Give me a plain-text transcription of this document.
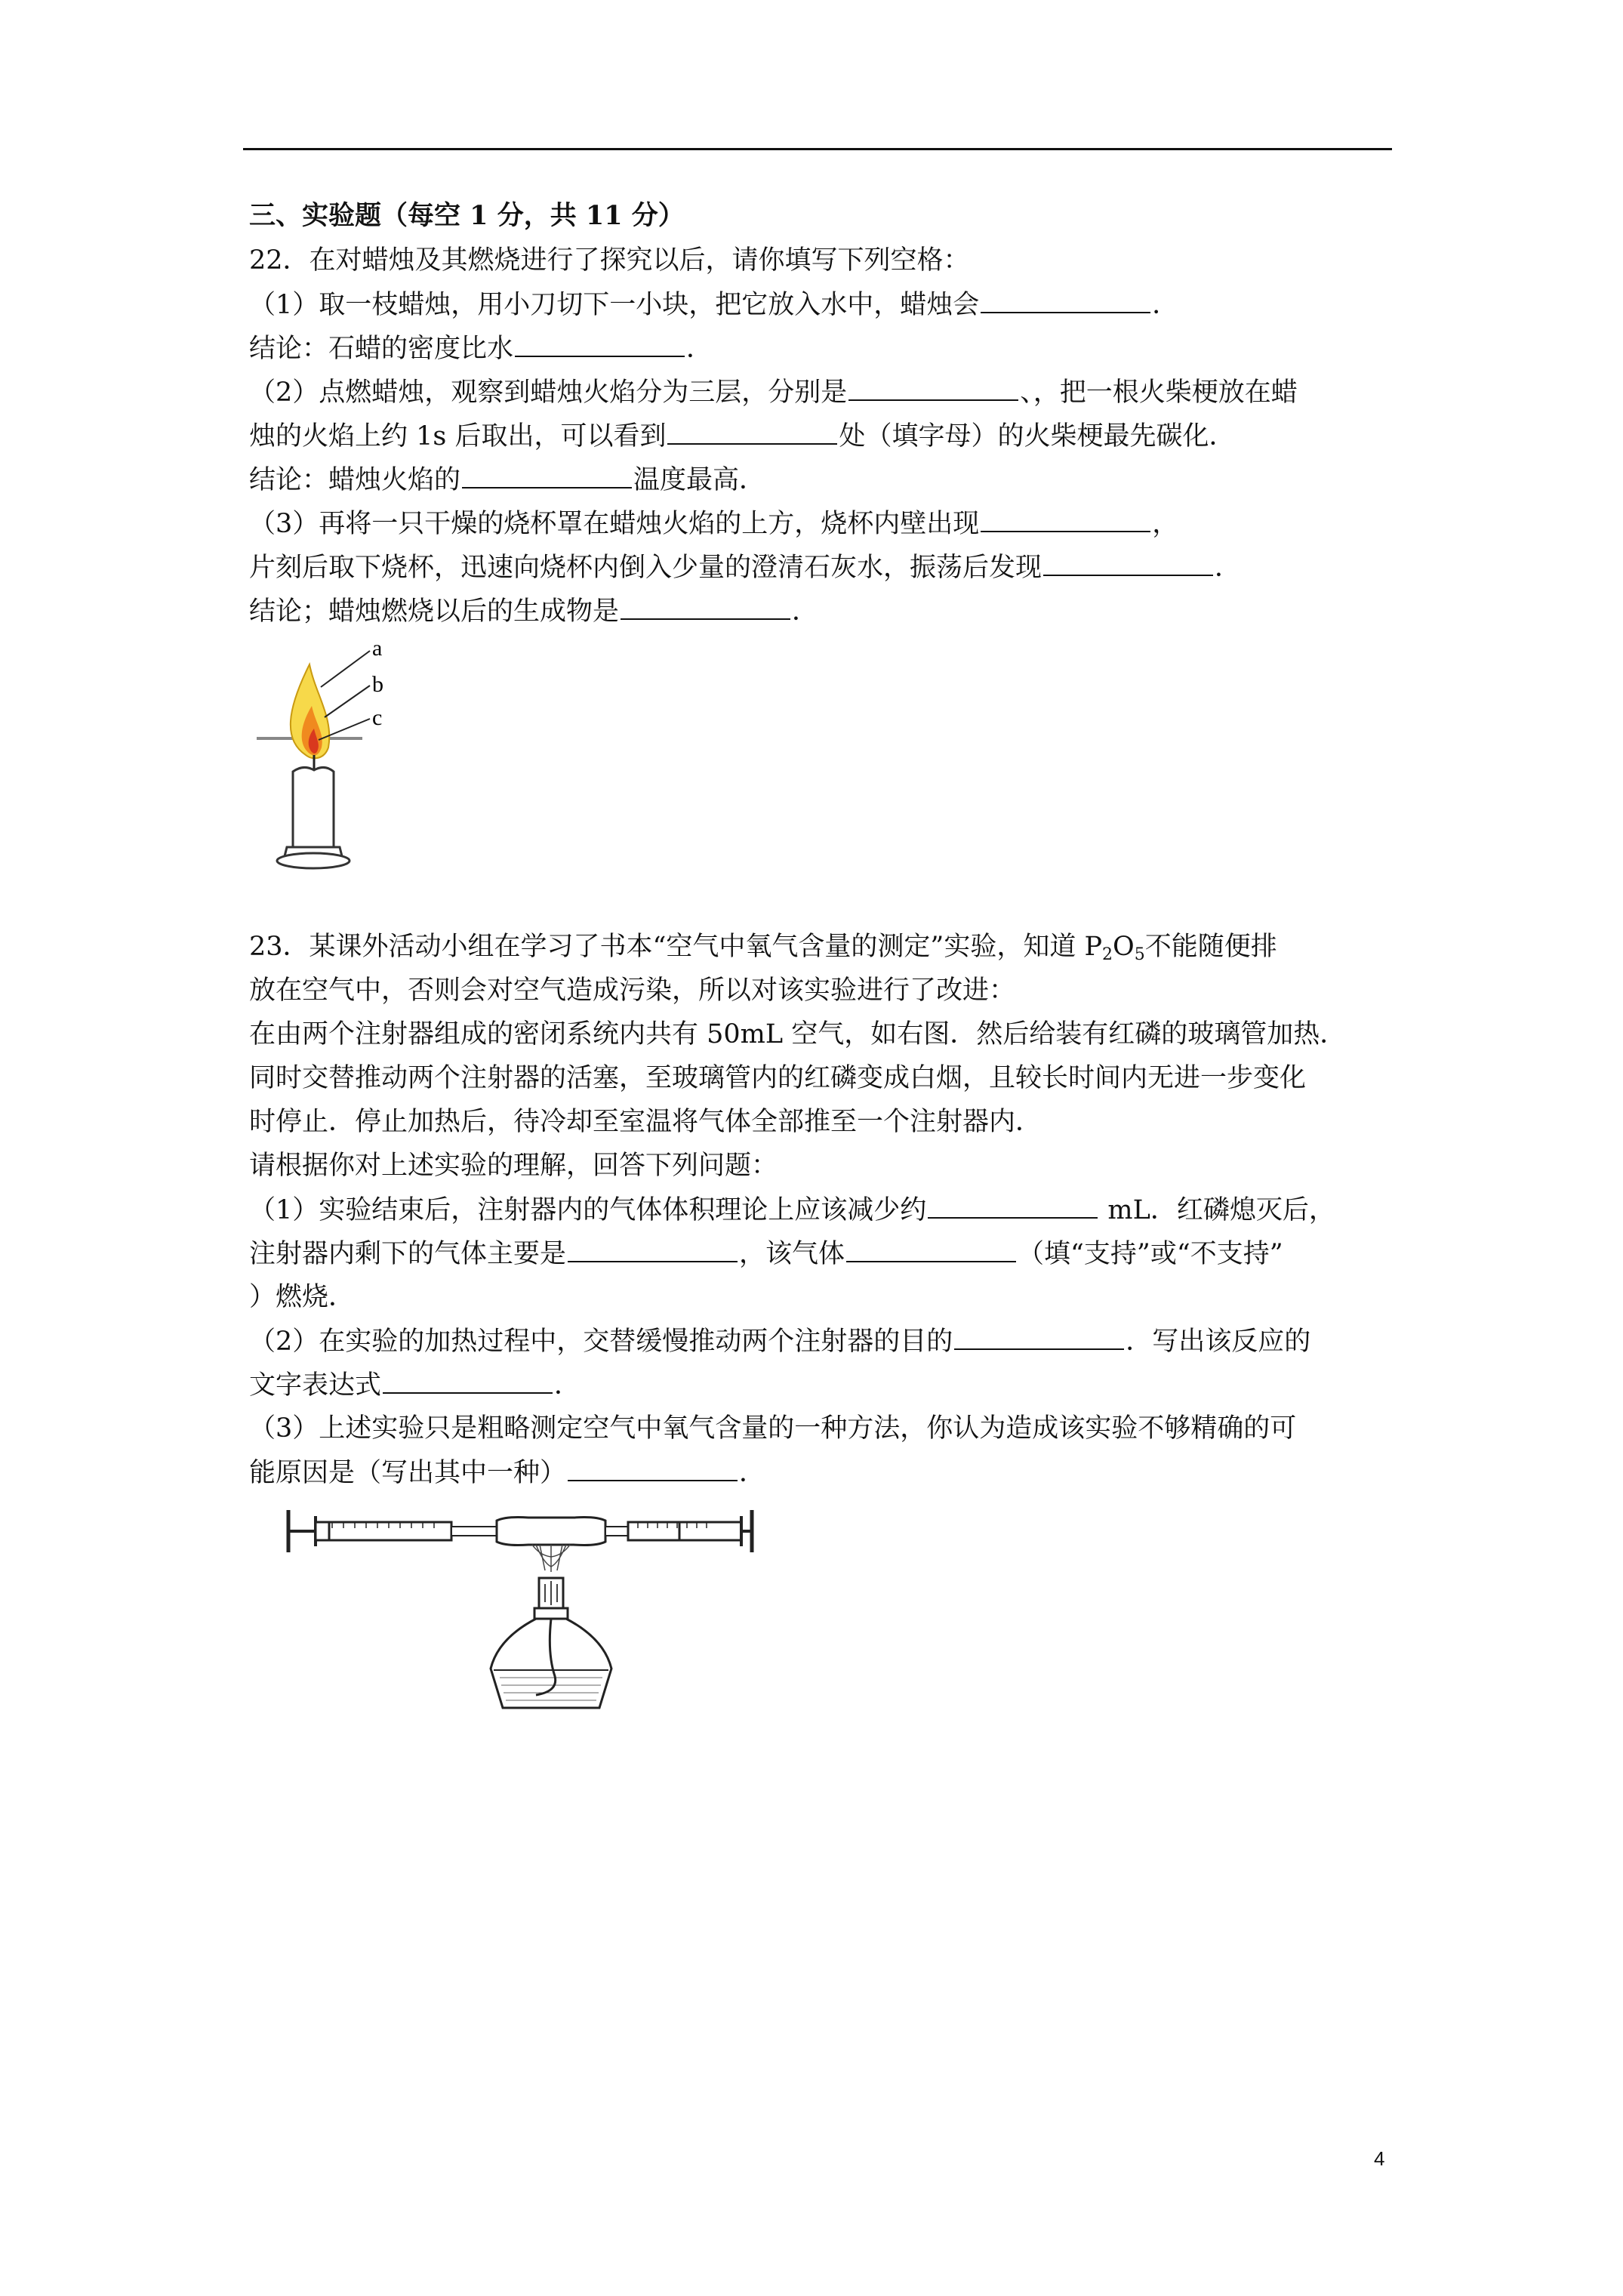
三、实验题（每空 1 分，共 11 分）
22．在对蜡烛及其燃烧进行了探究以后，请你填写下列空格：
（1）取一枝蜡烛，用小刀切下一小块，把它放入水中，蜡烛会	．
结论：石蜡的密度比水	．
（2）点燃蜡烛，观察到蜡烛火焰分为三层，分别是	、，把一根火柴梗放在蜡
烛的火焰上约 1s 后取出，可以看到	处（填字母）的火柴梗最先碳化．
结论：蜡烛火焰的	温度最高．
（3）再将一只干燥的烧杯罩在蜡烛火焰的上方，烧杯内壁出现	，
片刻后取下烧杯，迅速向烧杯内倒入少量的澄清石灰水，振荡后发现	．
结论；蜡烛燃烧以后的生成物是	．
a
b
c
23．某课外活动小组在学习了书本“空气中氧气含量的测定”实验，知道 $P_2O_5$不能随便排
放在空气中，否则会对空气造成污染，所以对该实验进行了改进：
在由两个注射器组成的密闭系统内共有 50mL 空气，如右图．然后给装有红磷的玻璃管加热．
同时交替推动两个注射器的活塞，至玻璃管内的红磷变成白烟，且较长时间内无进一步变化
时停止．停止加热后，待冷却至室温将气体全部推至一个注射器内．
请根据你对上述实验的理解，回答下列问题：
（1）实验结束后，注射器内的气体体积理论上应该减少约	mL．红磷熄灭后，
注射器内剩下的气体主要是	，该气体	（填“支持”或“不支持”
）燃烧．
（2）在实验的加热过程中，交替缓慢推动两个注射器的目的	．写出该反应的
文字表达式	．
（3）上述实验只是粗略测定空气中氧气含量的一种方法，你认为造成该实验不够精确的可
能原因是（写出其中一种）	．
4
